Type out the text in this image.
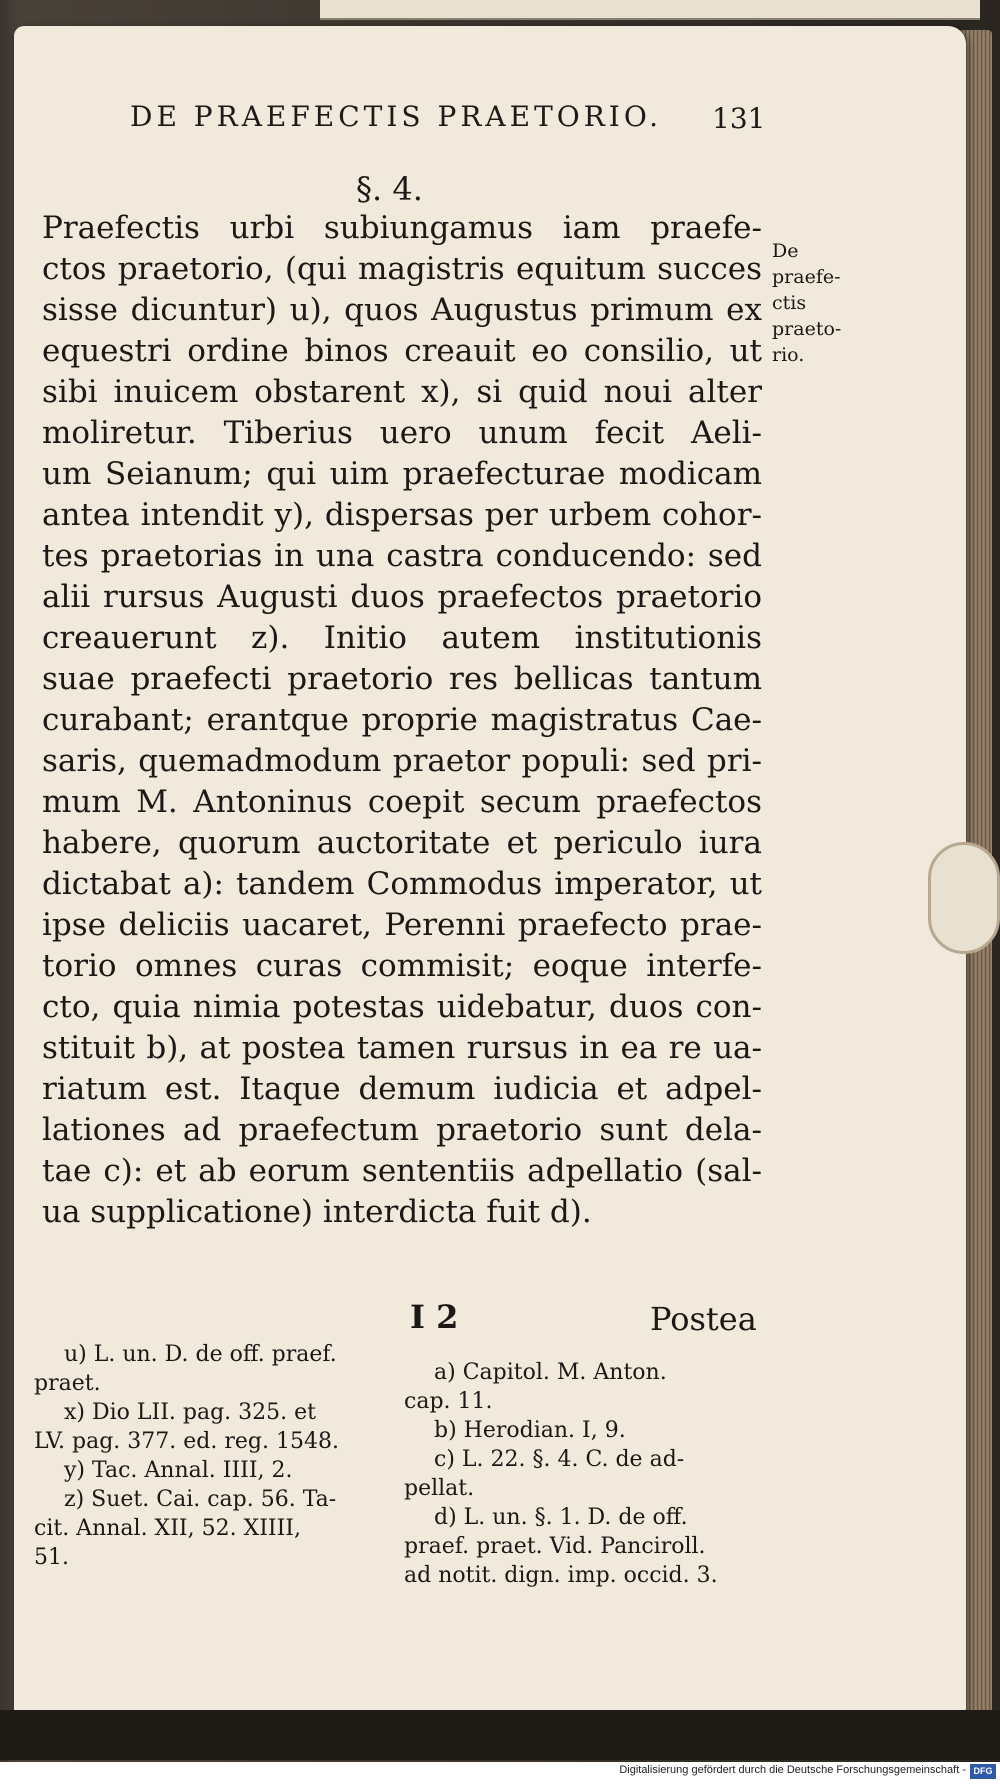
DE PRAEFECTIS PRAETORIO.	131
§. 4.
Praefectis urbi subiungamus iam praefe-
ctos praetorio, (qui magistris equitum succes
sisse dicuntur) u), quos Augustus primum ex
equestri ordine binos creauit eo consilio, ut
sibi inuicem obstarent x), si quid noui alter
moliretur. Tiberius uero unum fecit Aeli-
um Seianum; qui uim praefecturae modicam
antea intendit y), dispersas per urbem cohor-
tes praetorias in una castra conducendo: sed
alii rursus Augusti duos praefectos praetorio
creauerunt z). Initio autem institutionis
suae praefecti praetorio res bellicas tantum
curabant; erantque proprie magistratus Cae-
saris, quemadmodum praetor populi: sed pri-
mum M. Antoninus coepit secum praefectos
habere, quorum auctoritate et periculo iura
dictabat a): tandem Commodus imperator, ut
ipse deliciis uacaret, Perenni praefecto prae-
torio omnes curas commisit; eoque interfe-
cto, quia nimia potestas uidebatur, duos con-
stituit b), at postea tamen rursus in ea re ua-
riatum est. Itaque demum iudicia et adpel-
lationes ad praefectum praetorio sunt dela-
tae c): et ab eorum sententiis adpellatio (sal-
ua supplicatione) interdicta fuit d).
De
praefe-
ctis
praeto-
rio.
I 2	Postea
u) L. un. D. de off. praef.
praet.
x) Dio LII. pag. 325. et
LV. pag. 377. ed. reg. 1548.
y) Tac. Annal. IIII, 2.
z) Suet. Cai. cap. 56. Ta-
cit. Annal. XII, 52. XIIII,
51.
a) Capitol. M. Anton.
cap. 11.
b) Herodian. I, 9.
c) L. 22. §. 4. C. de ad-
pellat.
d) L. un. §. 1. D. de off.
praef. praet. Vid. Panciroll.
ad notit. dign. imp. occid. 3.
Digitalisierung gefördert durch die Deutsche Forschungsgemeinschaft - DFG
